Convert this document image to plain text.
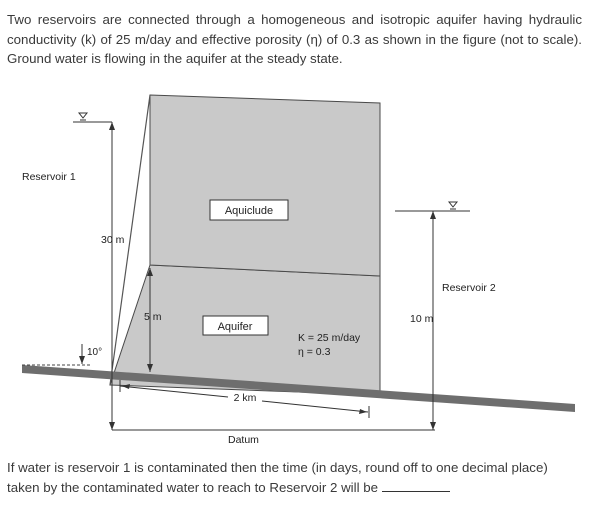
Two reservoirs are connected through a homogeneous and isotropic aquifer having hydraulic conductivity (k) of 25 m/day and effective porosity (η) of 0.3 as shown in the figure (not to scale). Ground water is flowing in the aquifer at the steady state.
Reservoir 1
Reservoir 2
Aquiclude
Aquifer
30 m
10 m
5 m
10°
2 km
Datum
K = 25 m/day
η = 0.3
If water is reservoir 1 is contaminated then the time (in days, round off to one decimal place) taken by the contaminated water to reach to Reservoir 2 will be
